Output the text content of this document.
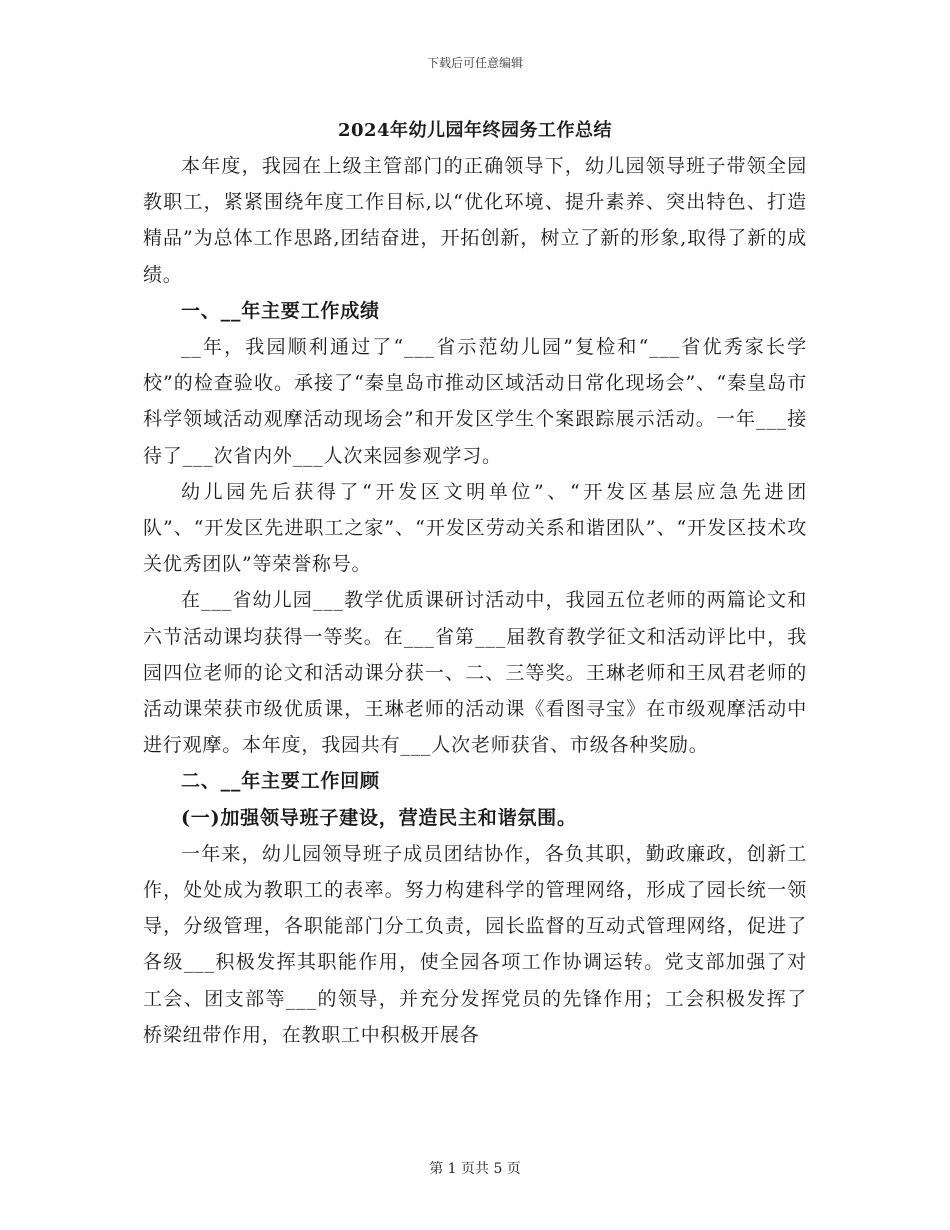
下载后可任意编辑
2024年幼儿园年终园务工作总结

本年度，我园在上级主管部门的正确领导下，幼儿园领导班子带领全园教职工，紧紧围绕年度工作目标,以“优化环境、提升素养、突出特色、打造精品”为总体工作思路,团结奋进，开拓创新，树立了新的形象,取得了新的成绩。

一、__年主要工作成绩

__年，我园顺利通过了“___省示范幼儿园”复检和“___省优秀家长学校”的检查验收。承接了“秦皇岛市推动区域活动日常化现场会”、“秦皇岛市科学领域活动观摩活动现场会”和开发区学生个案跟踪展示活动。一年___接待了___次省内外___人次来园参观学习。

幼儿园先后获得了“开发区文明单位”、“开发区基层应急先进团队”、“开发区先进职工之家”、“开发区劳动关系和谐团队”、“开发区技术攻关优秀团队”等荣誉称号。

在___省幼儿园___教学优质课研讨活动中，我园五位老师的两篇论文和六节活动课均获得一等奖。在___省第___届教育教学征文和活动评比中，我园四位老师的论文和活动课分获一、二、三等奖。王琳老师和王凤君老师的活动课荣获市级优质课，王琳老师的活动课《看图寻宝》在市级观摩活动中进行观摩。本年度，我园共有___人次老师获省、市级各种奖励。

二、__年主要工作回顾

(一)加强领导班子建设，营造民主和谐氛围。

一年来，幼儿园领导班子成员团结协作，各负其职，勤政廉政，创新工作，处处成为教职工的表率。努力构建科学的管理网络，形成了园长统一领导，分级管理，各职能部门分工负责，园长监督的互动式管理网络，促进了各级___积极发挥其职能作用，使全园各项工作协调运转。党支部加强了对工会、团支部等___的领导，并充分发挥党员的先锋作用；工会积极发挥了桥梁纽带作用，在教职工中积极开展各

第 1 页共 5 页
